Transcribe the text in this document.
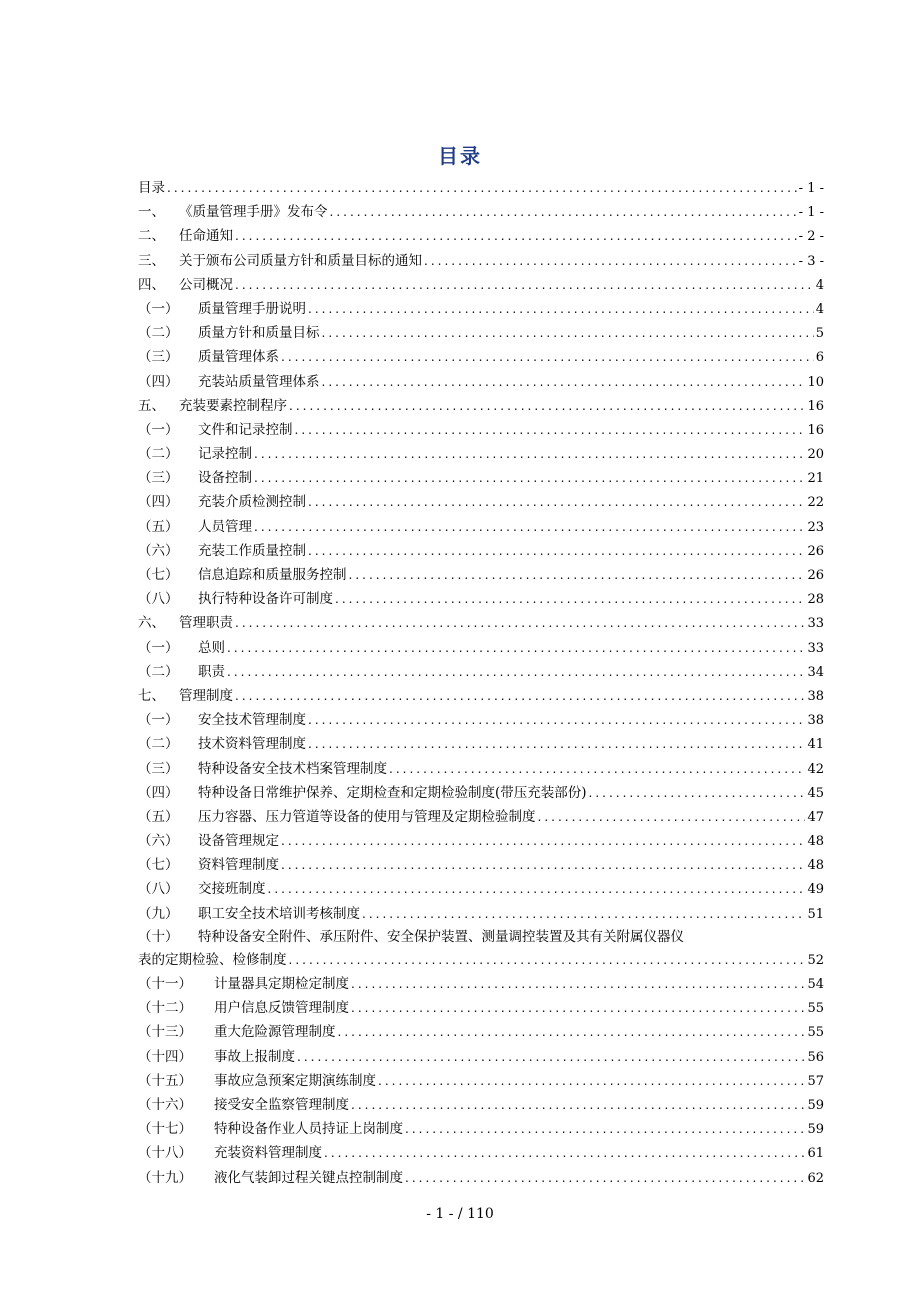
目录
目录 .....	- 1 -
一、 《质量管理手册》发布令 .....	- 1 -
二、 任命通知 .....	- 2 -
三、 关于颁布公司质量方针和质量目标的通知 .....	- 3 -
四、 公司概况 .....	4
（一） 质量管理手册说明 .....	4
（二） 质量方针和质量目标 .....	5
（三） 质量管理体系 .....	6
（四） 充装站质量管理体系 .....	10
五、 充装要素控制程序 .....	16
（一） 文件和记录控制 .....	16
（二） 记录控制 .....	20
（三） 设备控制 .....	21
（四） 充装介质检测控制 .....	22
（五） 人员管理 .....	23
（六） 充装工作质量控制 .....	26
（七） 信息追踪和质量服务控制 .....	26
（八） 执行特种设备许可制度 .....	28
六、 管理职责 .....	33
（一） 总则 .....	33
（二） 职责 .....	34
七、 管理制度 .....	38
（一） 安全技术管理制度 .....	38
（二） 技术资料管理制度 .....	41
（三） 特种设备安全技术档案管理制度 .....	42
（四） 特种设备日常维护保养、定期检查和定期检验制度(带压充装部份) .....	45
（五） 压力容器、压力管道等设备的使用与管理及定期检验制度 .....	47
（六） 设备管理规定 .....	48
（七） 资料管理制度 .....	48
（八） 交接班制度 .....	49
（九） 职工安全技术培训考核制度 .....	51
（十） 特种设备安全附件、承压附件、安全保护装置、测量调控装置及其有关附属仪器仪
表的定期检验、检修制度 .....	52
（十一） 计量器具定期检定制度 .....	54
（十二） 用户信息反馈管理制度 .....	55
（十三） 重大危险源管理制度 .....	55
（十四） 事故上报制度 .....	56
（十五） 事故应急预案定期演练制度 .....	57
（十六） 接受安全监察管理制度 .....	59
（十七） 特种设备作业人员持证上岗制度 .....	59
（十八） 充装资料管理制度 .....	61
（十九） 液化气装卸过程关键点控制制度 .....	62
- 1 - / 110
